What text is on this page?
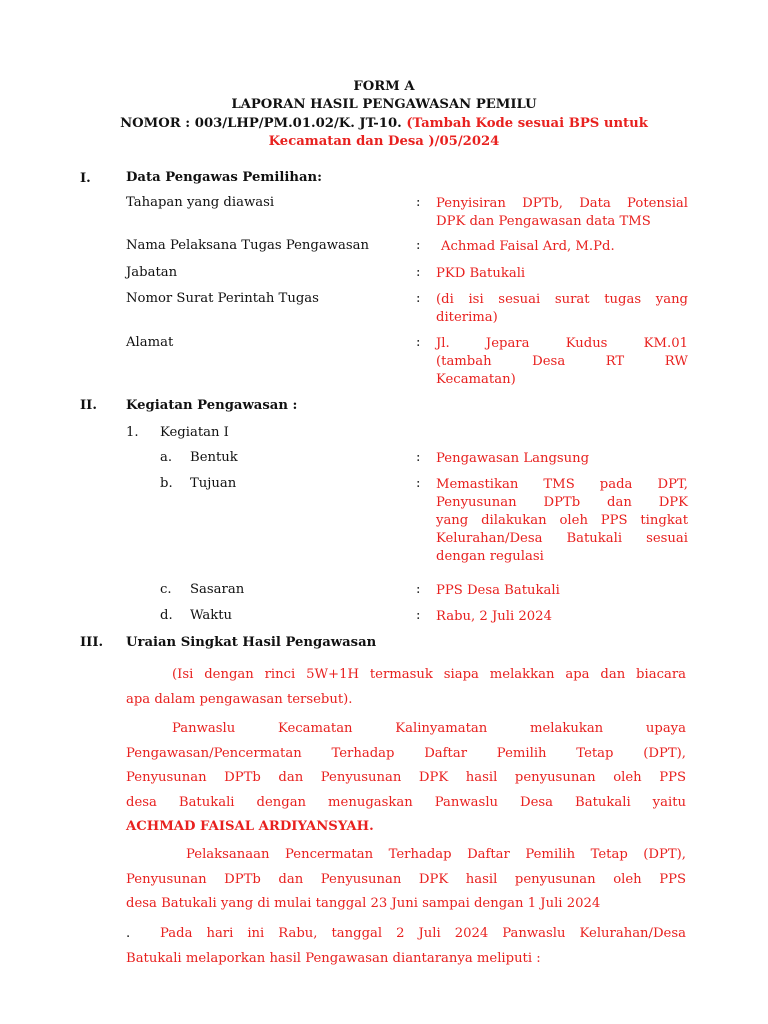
FORM A
LAPORAN HASIL PENGAWASAN PEMILU
NOMOR : 003/LHP/PM.01.02/K. JT-10. (Tambah Kode sesuai BPS untuk
Kecamatan dan Desa )/05/2024
I.	Data Pengawas Pemilihan:
Tahapan yang diawasi	: Penyisiran DPTb, Data Potensial
DPK dan Pengawasan data TMS
Nama Pelaksana Tugas Pengawasan	: Achmad Faisal Ard, M.Pd.
Jabatan	: PKD Batukali
Nomor Surat Perintah Tugas	: (di isi sesuai surat tugas yang
diterima)
Alamat	: Jl. Jepara Kudus KM.01
(tambah Desa RT RW
Kecamatan)
II. Kegiatan Pengawasan :
1. Kegiatan I
a. Bentuk	: Pengawasan Langsung
b. Tujuan	: Memastikan TMS pada DPT,
Penyusunan DPTb dan DPK
yang dilakukan oleh PPS tingkat
Kelurahan/Desa Batukali sesuai
dengan regulasi
c. Sasaran	: PPS Desa Batukali
d. Waktu	: Rabu, 2 Juli 2024
III. Uraian Singkat Hasil Pengawasan
(Isi dengan rinci 5W+1H termasuk siapa melakkan apa dan biacara
apa dalam pengawasan tersebut).
Panwaslu Kecamatan Kalinyamatan melakukan upaya
Pengawasan/Pencermatan Terhadap Daftar Pemilih Tetap (DPT),
Penyusunan DPTb dan Penyusunan DPK hasil penyusunan oleh PPS
desa Batukali dengan menugaskan Panwaslu Desa Batukali yaitu
ACHMAD FAISAL ARDIYANSYAH.
Pelaksanaan Pencermatan Terhadap Daftar Pemilih Tetap (DPT),
Penyusunan DPTb dan Penyusunan DPK hasil penyusunan oleh PPS
desa Batukali yang di mulai tanggal 23 Juni sampai dengan 1 Juli 2024
.	Pada hari ini Rabu, tanggal 2 Juli 2024 Panwaslu Kelurahan/Desa
Batukali melaporkan hasil Pengawasan diantaranya meliputi :
